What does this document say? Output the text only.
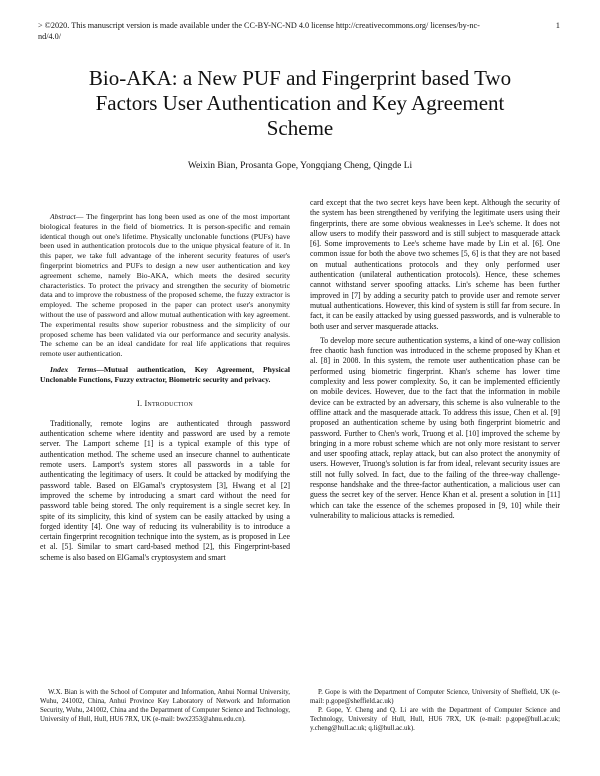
> ©2020. This manuscript version is made available under the CC-BY-NC-ND 4.0 license http://creativecommons.org/ licenses/by-nc-nd/4.0/
1
Bio-AKA: a New PUF and Fingerprint based Two Factors User Authentication and Key Agreement Scheme
Weixin Bian, Prosanta Gope, Yongqiang Cheng, Qingde Li

Abstract— The fingerprint has long been used as one of the most important biological features in the field of biometrics. It is person-specific and remain identical though out one's lifetime. Physically unclonable functions (PUFs) have been used in authentication protocols due to the unique physical feature of it. In this paper, we take full advantage of the inherent security features of user's fingerprint biometrics and PUFs to design a new user authentication and key agreement scheme, namely Bio-AKA, which meets the desired security characteristics. To protect the privacy and strengthen the security of biometric data and to improve the robustness of the proposed scheme, the fuzzy extractor is employed. The scheme proposed in the paper can protect user's anonymity without the use of password and allow mutual authentication with key agreement. The experimental results show superior robustness and the simplicity of our proposed scheme has been validated via our performance and security analysis. The scheme can be an ideal candidate for real life applications that requires remote user authentication.

Index Terms—Mutual authentication, Key Agreement, Physical Unclonable Functions, Fuzzy extractor, Biometric security and privacy.

I. Introduction

Traditionally, remote logins are authenticated through password authentication scheme where identity and password are used by a remote server. The Lamport scheme [1] is a typical example of this type of authentication method. The scheme used an insecure channel to authenticate remote users. Lamport's system stores all passwords in a table for authenticating the legitimacy of users. It could be attacked by modifying the password table. Based on ElGamal's cryptosystem [3], Hwang et al [2] improved the scheme by introducing a smart card without the need for password table being stored. The only requirement is a single secret key. In spite of its simplicity, this kind of system can be easily attacked by using a forged identity [4]. One way of reducing its vulnerability is to introduce a certain fingerprint recognition technique into the system, as is proposed in Lee et al. [5]. Similar to smart card-based method [2], this Fingerprint-based scheme is also based on ElGamal's cryptosystem and smart

card except that the two secret keys have been kept. Although the security of the system has been strengthened by verifying the legitimate users using their fingerprints, there are some obvious weaknesses in Lee's scheme. It does not allow users to modify their password and is still subject to masquerade attack [6]. Some improvements to Lee's scheme have made by Lin et al. [6]. One common issue for both the above two schemes [5, 6] is that they are not based on mutual authentications protocols and they only performed user authentication (unilateral authentication protocols). Hence, these schemes cannot withstand server spoofing attacks. Lin's scheme has been further improved in [7] by adding a security patch to provide user and remote server mutual authentications. However, this kind of system is still far from secure. In fact, it can be easily attacked by using guessed passwords, and is vulnerable to both user and server masquerade attacks.

To develop more secure authentication systems, a kind of one-way collision free chaotic hash function was introduced in the scheme proposed by Khan et al. [8] in 2008. In this system, the remote user authentication phase can be performed using biometric fingerprint. Khan's scheme has lower time complexity and less power complexity. So, it can be implemented efficiently on mobile devices. However, due to the fact that the information in mobile device can be extracted by an adversary, this scheme is also vulnerable to the offline attack and the masquerade attack. To address this issue, Chen et al. [9] proposed an authentication scheme by using both fingerprint biometric and password. Further to Chen's work, Truong et al. [10] improved the scheme by bringing in a more robust scheme which are not only more resistant to server and user spoofing attack, replay attack, but can also protect the anonymity of users. However, Truong's solution is far from ideal, relevant security issues are still not fully solved. In fact, due to the failing of the three-way challenge-response handshake and the three-factor authentication, a malicious user can guess the secret key of the server. Hence Khan et al. present a solution in [11] which can take the essence of the schemes proposed in [9, 10] while their vulnerability to malicious attacks is remedied.

W.X. Bian is with the School of Computer and Information, Anhui Normal University, Wuhu, 241002, China, Anhui Province Key Laboratory of Network and Information Security, Wuhu, 241002, China and the Department of Computer Science and Technology, University of Hull, Hull, HU6 7RX, UK (e-mail: bwx2353@ahnu.edu.cn).

P. Gope is with the Department of Computer Science, University of Sheffield, UK (e-mail: p.gope@sheffield.ac.uk)

P. Gope, Y. Cheng and Q. Li are with the Department of Computer Science and Technology, University of Hull, Hull, HU6 7RX, UK (e-mail: p.gope@hull.ac.uk; y.cheng@hull.ac.uk; q.li@hull.ac.uk).
